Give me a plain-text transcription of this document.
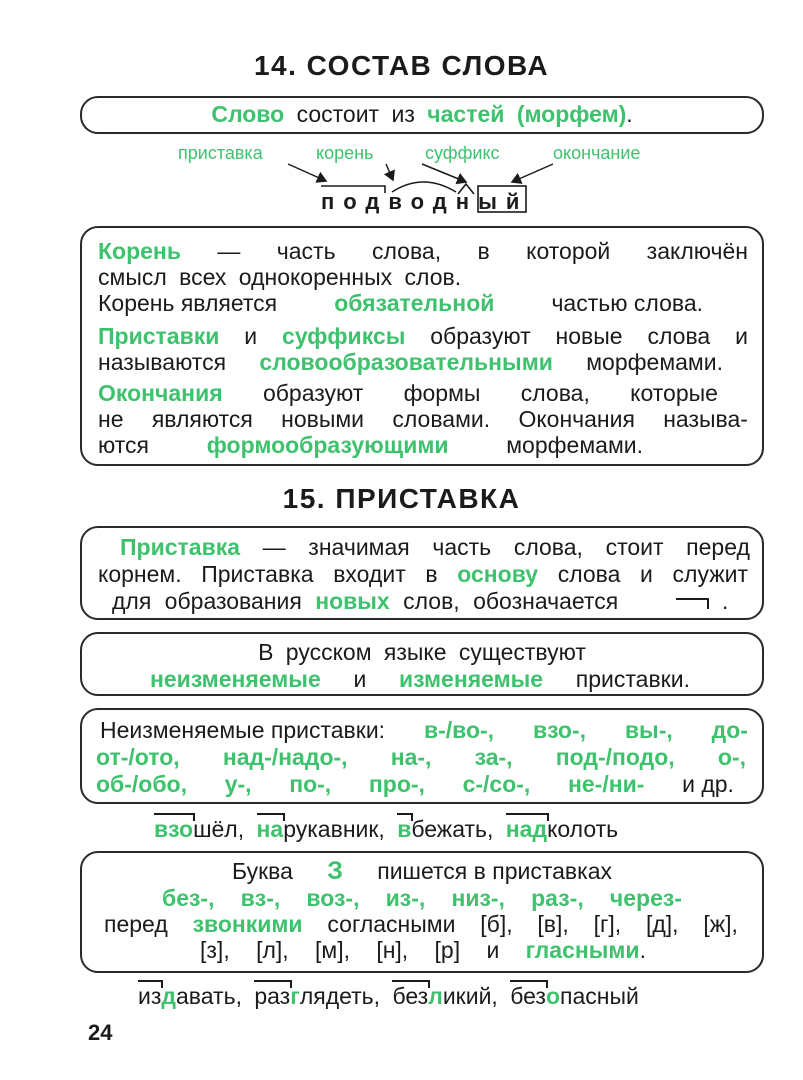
14. СОСТАВ СЛОВА
Слово состоит из частей (морфем).
приставка	корень	суффикс	окончание
подводный
Корень — часть слова, в которой заключён
смысл всех однокоренных слов.
Корень является обязательной частью слова.
Приставки и суффиксы образуют новые слова и
называются словообразовательными морфемами.
Окончания образуют формы слова, которые
не являются новыми словами. Окончания называ-
ются	формообразующими	морфемами.
15. ПРИСТАВКА
Приставка — значимая часть слова, стоит перед
корнем. Приставка входит в основу слова и служит
для образования новых слов, обозначается	.
В русском языке существуют
неизменяемые и изменяемые приставки.
Неизменяемые приставки: в-/во-, взо-, вы-, до-
от-/ото, над-/надо-, на-, за-, под-/подо, о-,
об-/обо, у-, по-, про-, с-/со-, не-/ни- и др.
взошёл, нарукавник, вбежать, надколоть
Буква З пишется в приставках
без-, вз-, воз-, из-, низ-, раз-, через-
перед звонкими согласными [б], [в], [г], [д], [ж],
[з], [л], [м], [н], [р] и гласными.
издавать, разглядеть, безликий, безопасный
24
